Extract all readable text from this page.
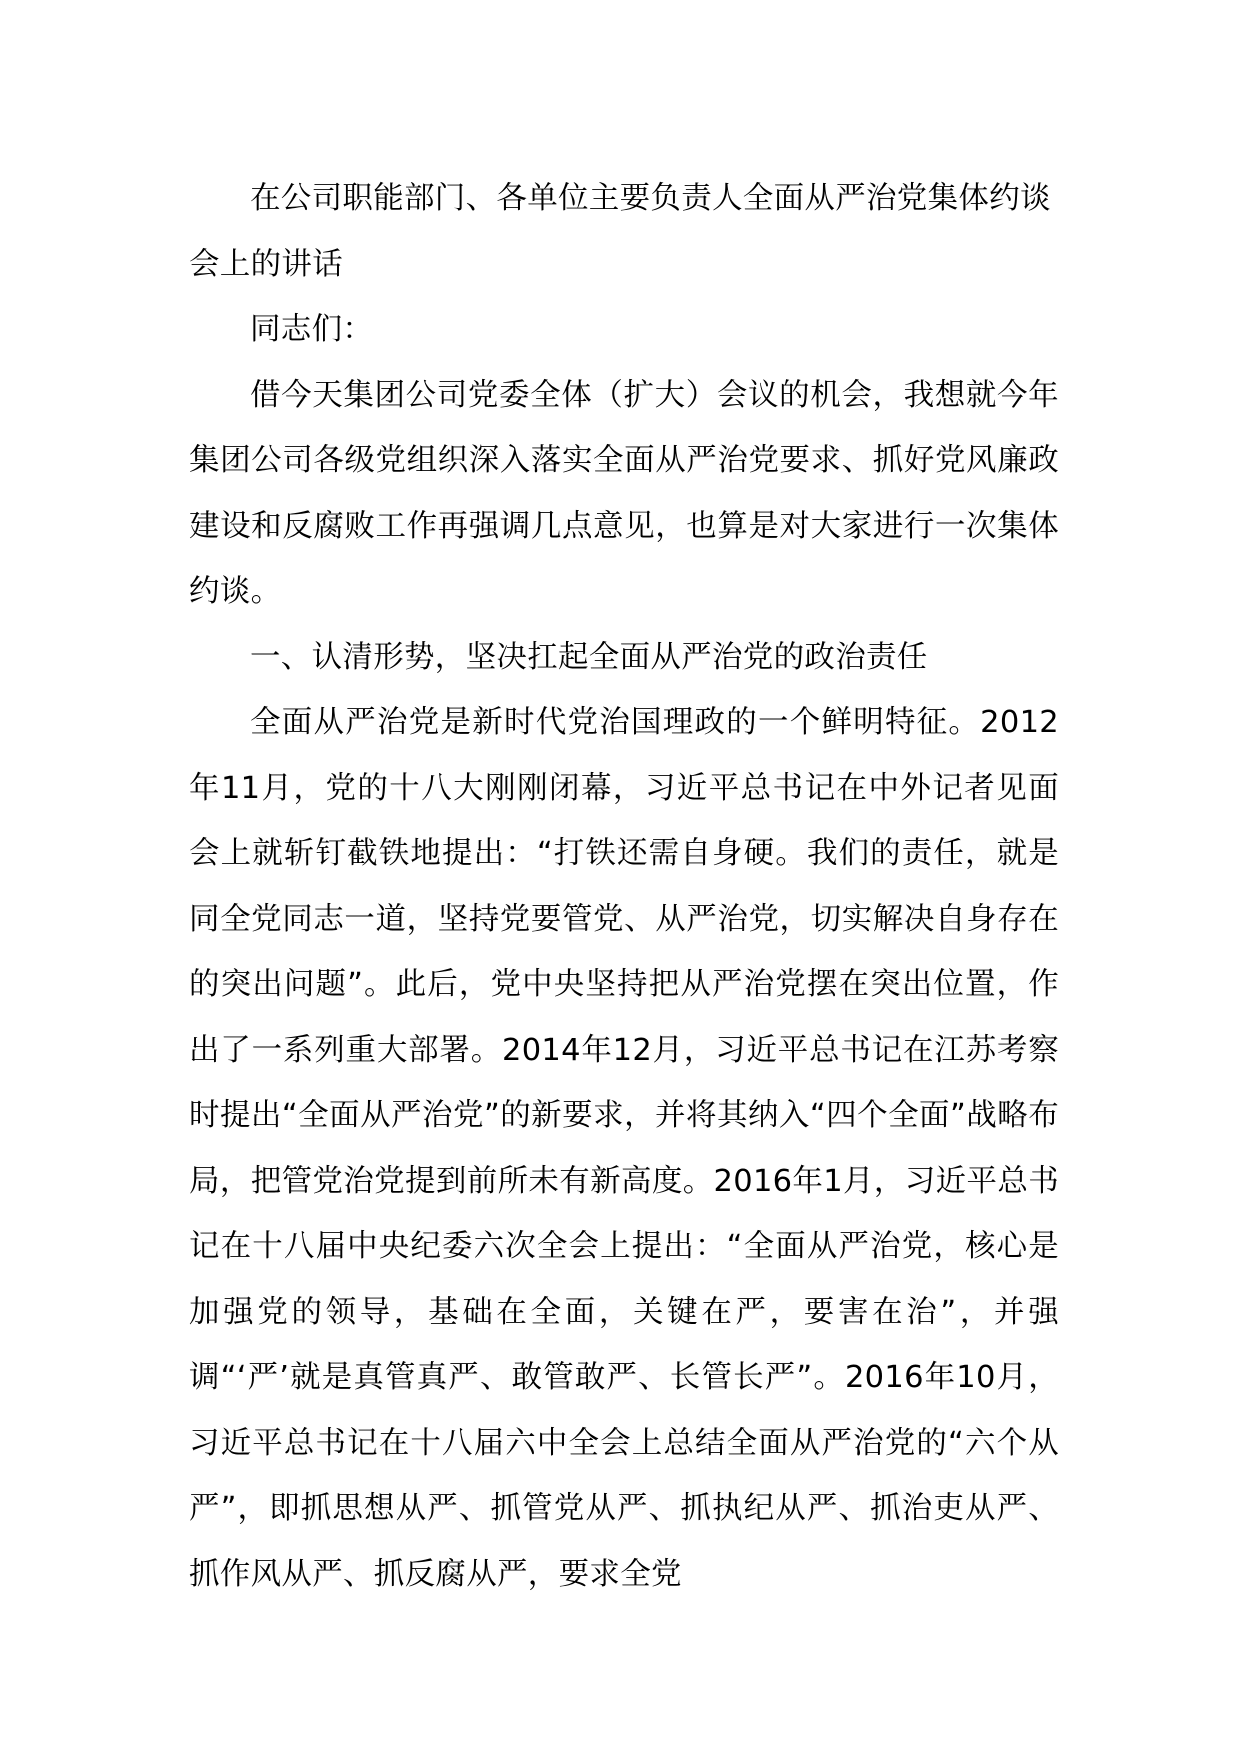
在公司职能部门、各单位主要负责人全面从严治党集体约谈会上的讲话

同志们：

借今天集团公司党委全体（扩大）会议的机会，我想就今年集团公司各级党组织深入落实全面从严治党要求、抓好党风廉政建设和反腐败工作再强调几点意见，也算是对大家进行一次集体约谈。

一、认清形势，坚决扛起全面从严治党的政治责任

全面从严治党是新时代党治国理政的一个鲜明特征。2012年11月，党的十八大刚刚闭幕，习近平总书记在中外记者见面会上就斩钉截铁地提出：“打铁还需自身硬。我们的责任，就是同全党同志一道，坚持党要管党、从严治党，切实解决自身存在的突出问题”。此后，党中央坚持把从严治党摆在突出位置，作出了一系列重大部署。2014年12月，习近平总书记在江苏考察时提出“全面从严治党”的新要求，并将其纳入“四个全面”战略布局，把管党治党提到前所未有新高度。2016年1月，习近平总书记在十八届中央纪委六次全会上提出：“全面从严治党，核心是加强党的领导，基础在全面，关键在严，要害在治”，并强调“‘严’就是真管真严、敢管敢严、长管长严”。2016年10月，习近平总书记在十八届六中全会上总结全面从严治党的“六个从严”，即抓思想从严、抓管党从严、抓执纪从严、抓治吏从严、抓作风从严、抓反腐从严，要求全党
